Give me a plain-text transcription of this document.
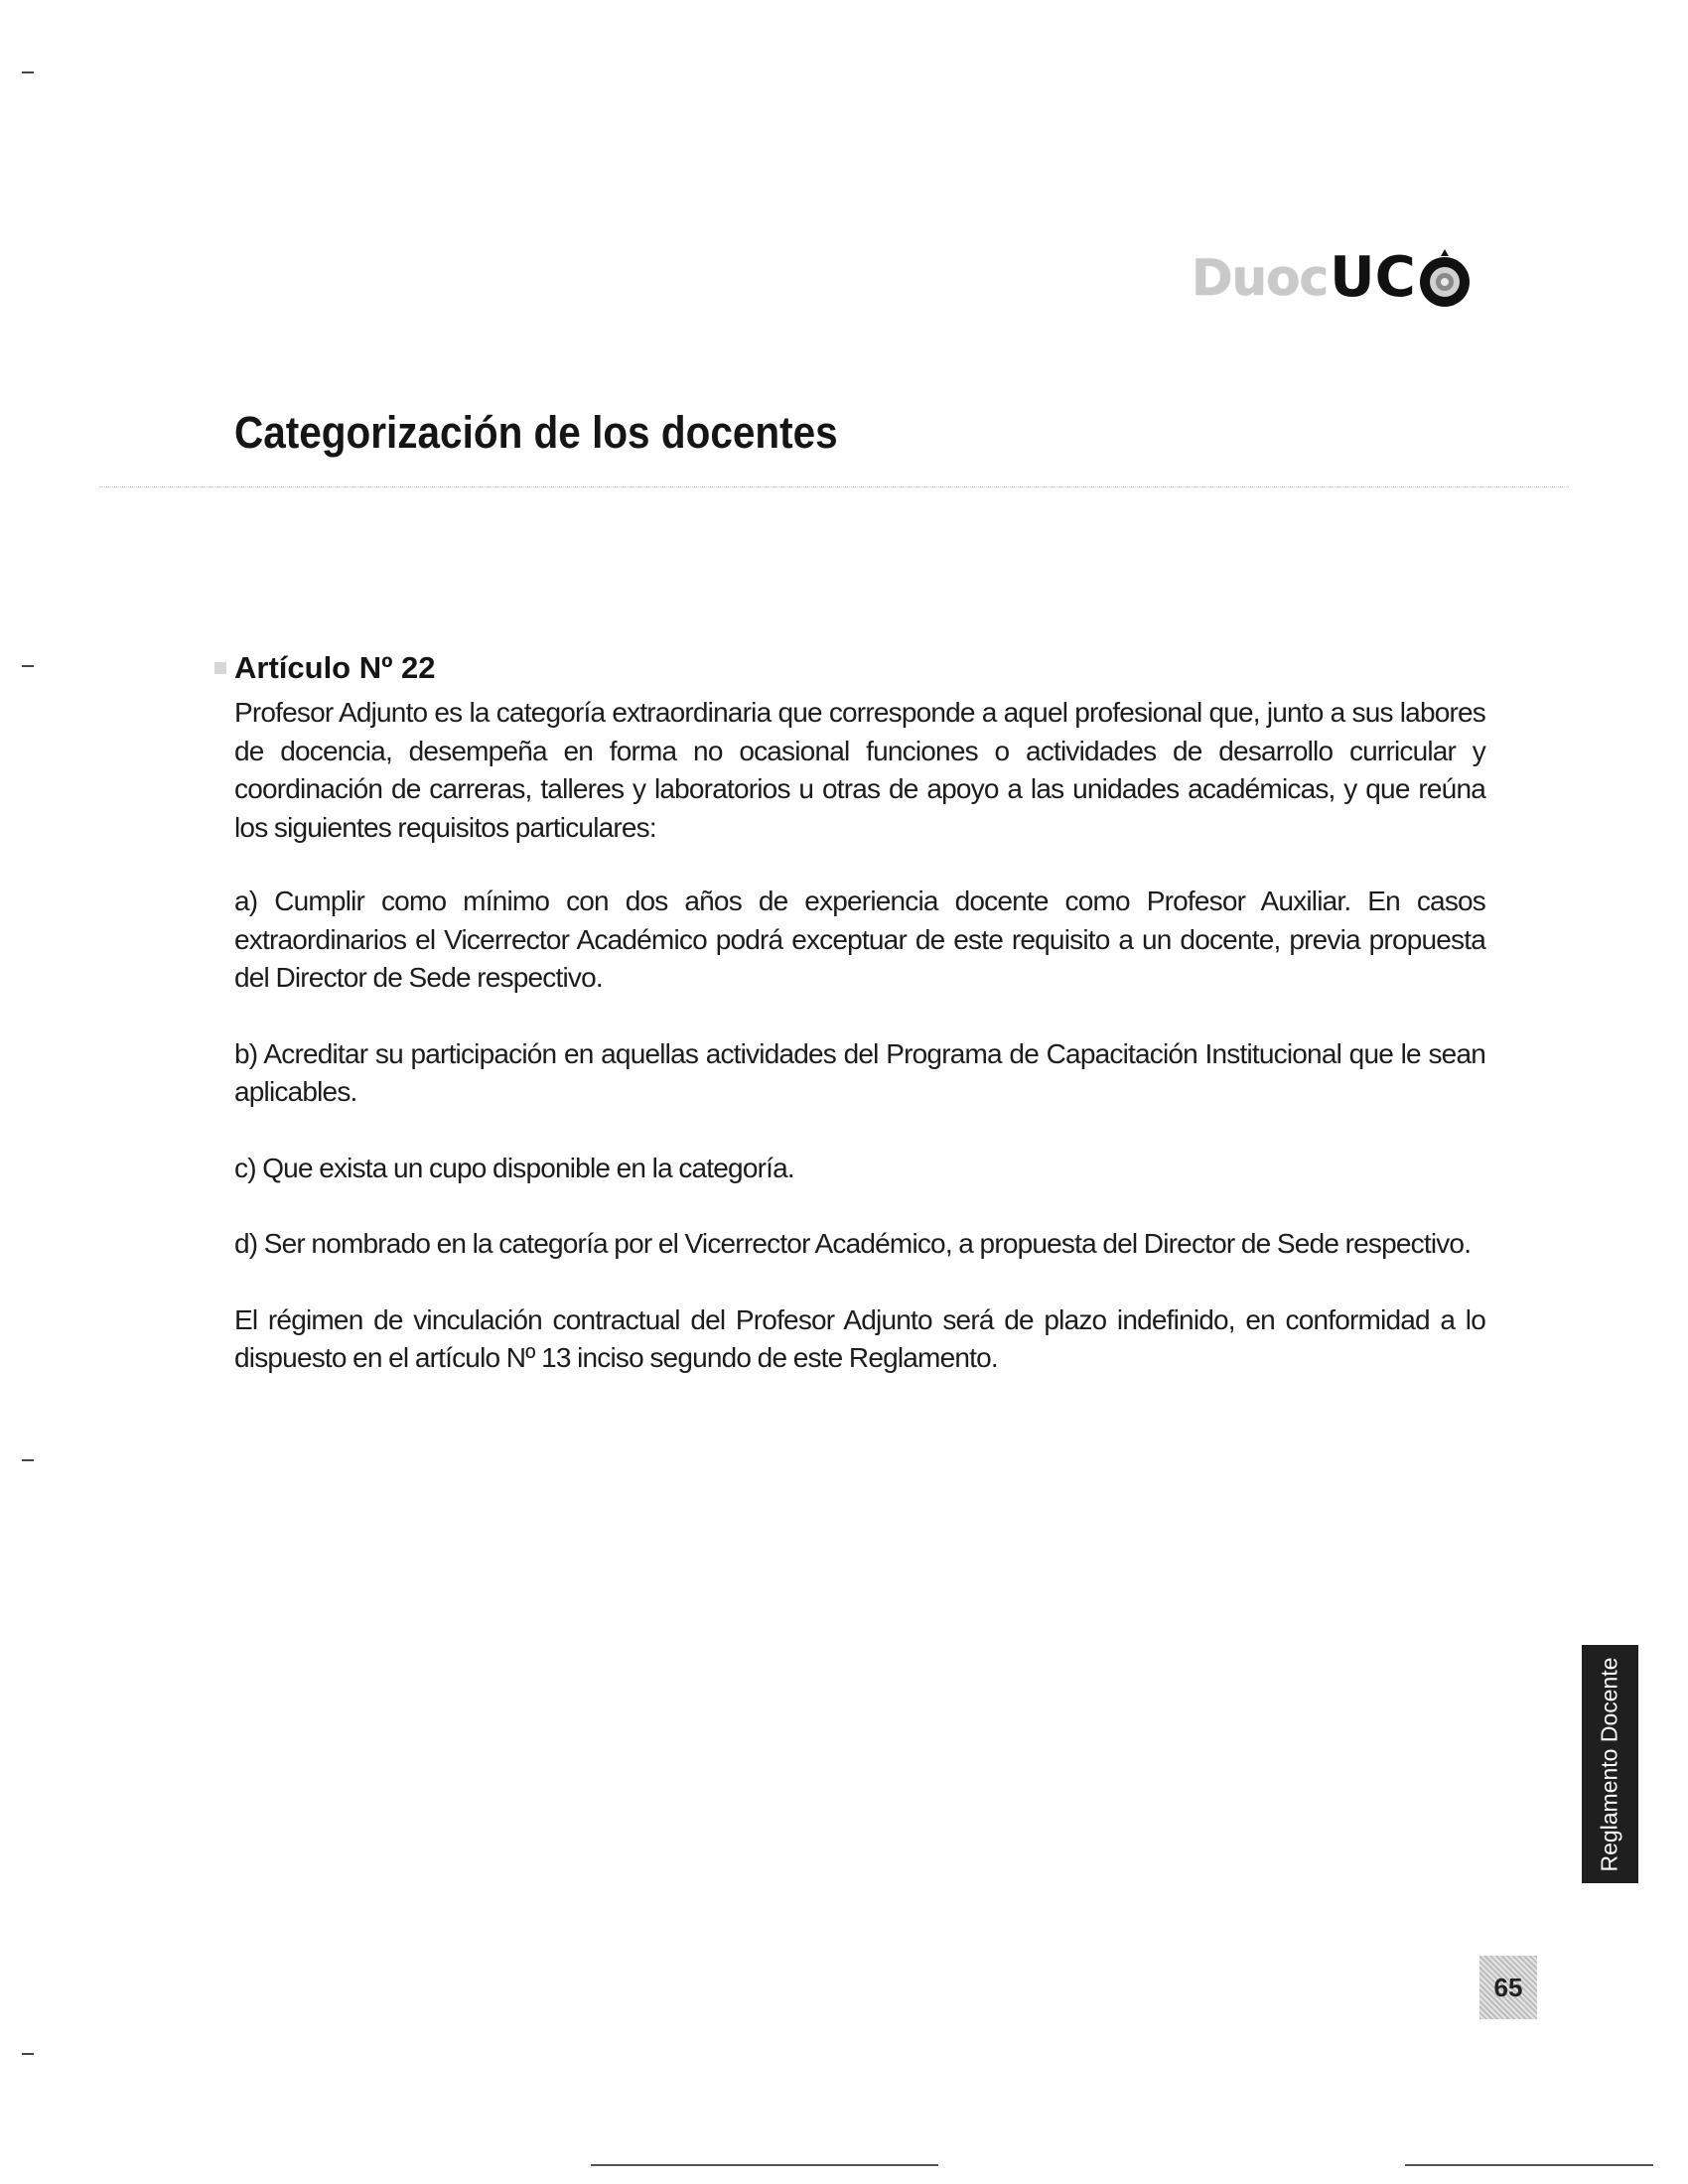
Duoc UC
Categorización de los docentes
Artículo Nº 22

Profesor Adjunto es la categoría extraordinaria que corresponde a aquel profesional que, junto a sus labores de docencia, desempeña en forma no ocasional funciones o actividades de desarrollo curricular y coordinación de carreras, talleres y laboratorios u otras de apoyo a las unidades académicas, y que reúna los siguientes requisitos particulares:

a) Cumplir como mínimo con dos años de experiencia docente como Profesor Auxiliar. En casos extraordinarios el Vicerrector Académico podrá exceptuar de este requisito a un docente, previa propuesta del Director de Sede respectivo.

b) Acreditar su participación en aquellas actividades del Programa de Capacitación Institucional que le sean aplicables.

c) Que exista un cupo disponible en la categoría.

d) Ser nombrado en la categoría por el Vicerrector Académico, a propuesta del Director de Sede respectivo.

El régimen de vinculación contractual del Profesor Adjunto será de plazo indefinido, en conformidad a lo dispuesto en el artículo Nº 13 inciso segundo de este Reglamento.

Reglamento Docente
65
